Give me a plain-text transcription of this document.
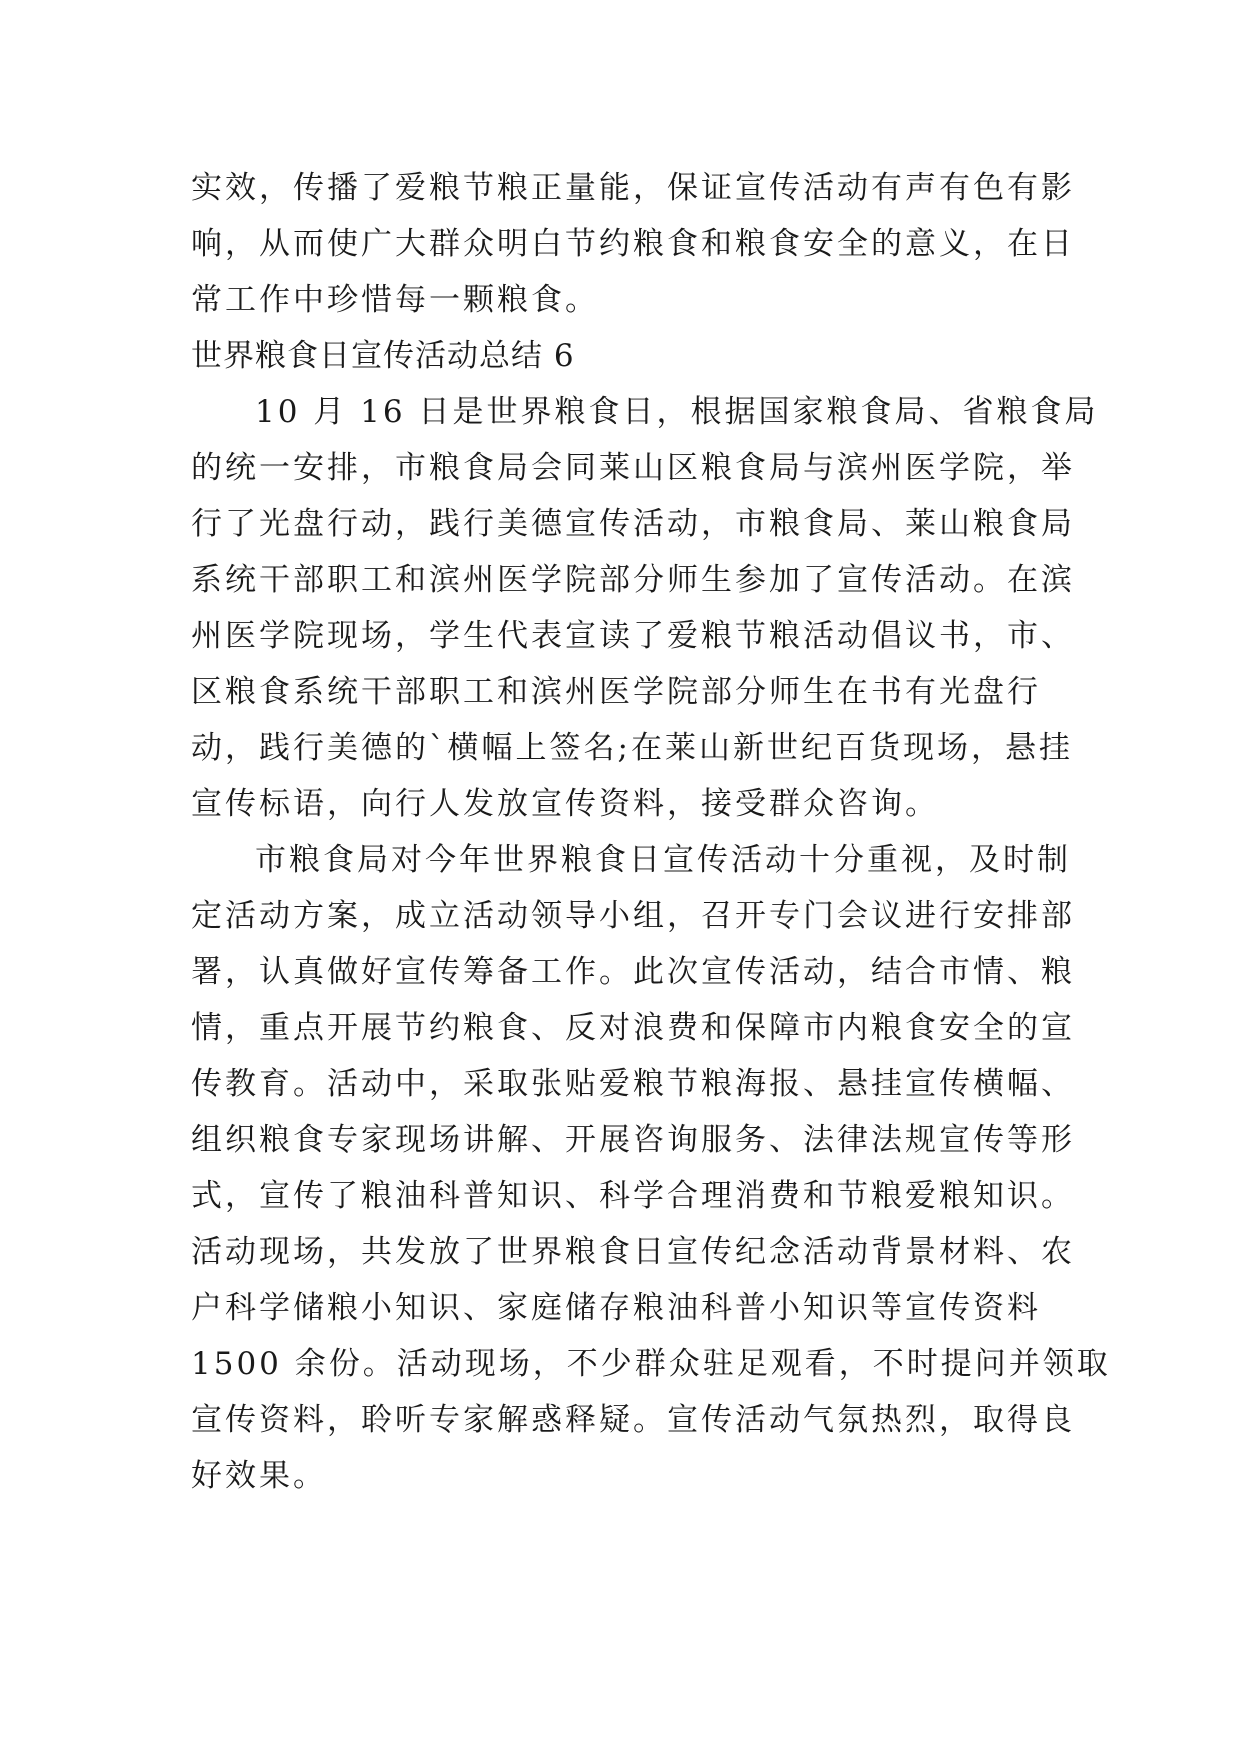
实效，传播了爱粮节粮正量能，保证宣传活动有声有色有影
响，从而使广大群众明白节约粮食和粮食安全的意义，在日
常工作中珍惜每一颗粮食。
世界粮食日宣传活动总结 6
10 月 16 日是世界粮食日，根据国家粮食局、省粮食局
的统一安排，市粮食局会同莱山区粮食局与滨州医学院，举
行了光盘行动，践行美德宣传活动，市粮食局、莱山粮食局
系统干部职工和滨州医学院部分师生参加了宣传活动。在滨
州医学院现场，学生代表宣读了爱粮节粮活动倡议书，市、
区粮食系统干部职工和滨州医学院部分师生在书有光盘行
动，践行美德的`横幅上签名;在莱山新世纪百货现场，悬挂
宣传标语，向行人发放宣传资料，接受群众咨询。
市粮食局对今年世界粮食日宣传活动十分重视，及时制
定活动方案，成立活动领导小组，召开专门会议进行安排部
署，认真做好宣传筹备工作。此次宣传活动，结合市情、粮
情，重点开展节约粮食、反对浪费和保障市内粮食安全的宣
传教育。活动中，采取张贴爱粮节粮海报、悬挂宣传横幅、
组织粮食专家现场讲解、开展咨询服务、法律法规宣传等形
式，宣传了粮油科普知识、科学合理消费和节粮爱粮知识。
活动现场，共发放了世界粮食日宣传纪念活动背景材料、农
户科学储粮小知识、家庭储存粮油科普小知识等宣传资料
1500 余份。活动现场，不少群众驻足观看，不时提问并领取
宣传资料，聆听专家解惑释疑。宣传活动气氛热烈，取得良
好效果。
